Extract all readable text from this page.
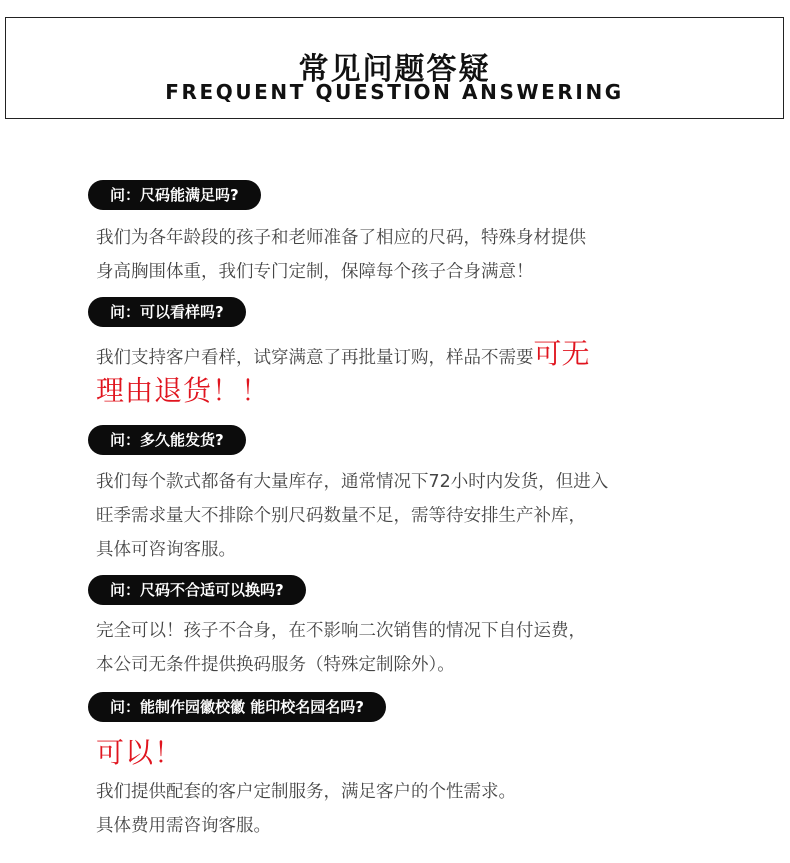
常见问题答疑
FREQUENT QUESTION ANSWERING
问：尺码能满足吗?
我们为各年龄段的孩子和老师准备了相应的尺码，特殊身材提供
身高胸围体重，我们专门定制，保障每个孩子合身满意！
问：可以看样吗?
我们支持客户看样，试穿满意了再批量订购，样品不需要可无
理由退货！！
问：多久能发货?
我们每个款式都备有大量库存，通常情况下72小时内发货，但进入
旺季需求量大不排除个别尺码数量不足，需等待安排生产补库，
具体可咨询客服。
问：尺码不合适可以换吗?
完全可以！孩子不合身，在不影响二次销售的情况下自付运费，
本公司无条件提供换码服务（特殊定制除外）。
问：能制作园徽校徽 能印校名园名吗?
可以！
我们提供配套的客户定制服务，满足客户的个性需求。
具体费用需咨询客服。
